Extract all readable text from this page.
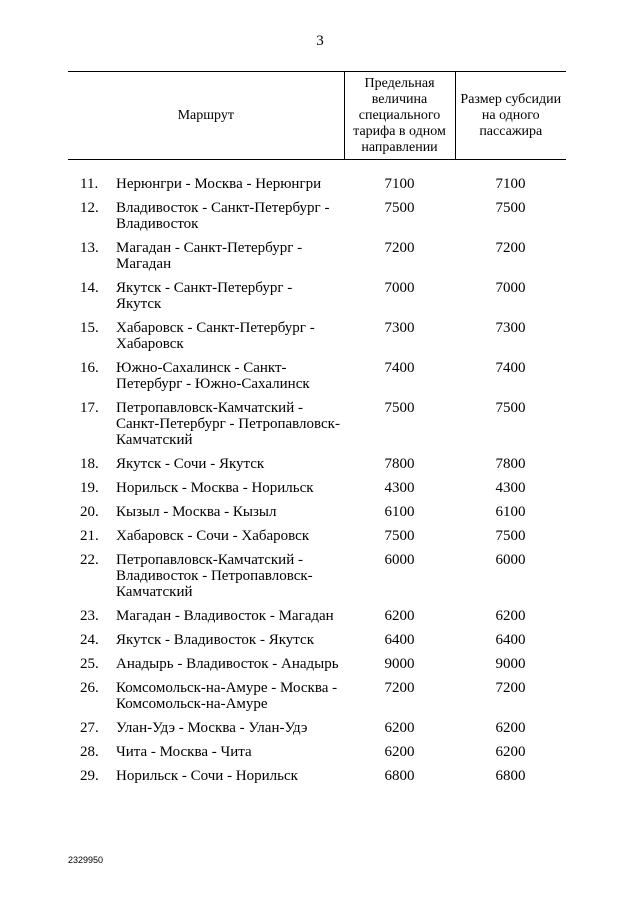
3
Маршрут		Предельная величина специального тарифа в одном направлении	Размер субсидии на одного пассажира

11.	Нерюнгри - Москва - Нерюнгри	7100	7100
12.	Владивосток - Санкт-Петербург - Владивосток	7500	7500
13.	Магадан - Санкт-Петербург - Магадан	7200	7200
14.	Якутск - Санкт-Петербург - Якутск	7000	7000
15.	Хабаровск - Санкт-Петербург - Хабаровск	7300	7300
16.	Южно-Сахалинск - Санкт-Петербург - Южно-Сахалинск	7400	7400
17.	Петропавловск-Камчатский - Санкт-Петербург - Петропавловск-Камчатский	7500	7500
18.	Якутск - Сочи - Якутск	7800	7800
19.	Норильск - Москва - Норильск	4300	4300
20.	Кызыл - Москва - Кызыл	6100	6100
21.	Хабаровск - Сочи - Хабаровск	7500	7500
22.	Петропавловск-Камчатский - Владивосток - Петропавловск-Камчатский	6000	6000
23.	Магадан - Владивосток - Магадан	6200	6200
24.	Якутск - Владивосток - Якутск	6400	6400
25.	Анадырь - Владивосток - Анадырь	9000	9000
26.	Комсомольск-на-Амуре - Москва - Комсомольск-на-Амуре	7200	7200
27.	Улан-Удэ - Москва - Улан-Удэ	6200	6200
28.	Чита - Москва - Чита	6200	6200
29.	Норильск - Сочи - Норильск	6800	6800
2329950
